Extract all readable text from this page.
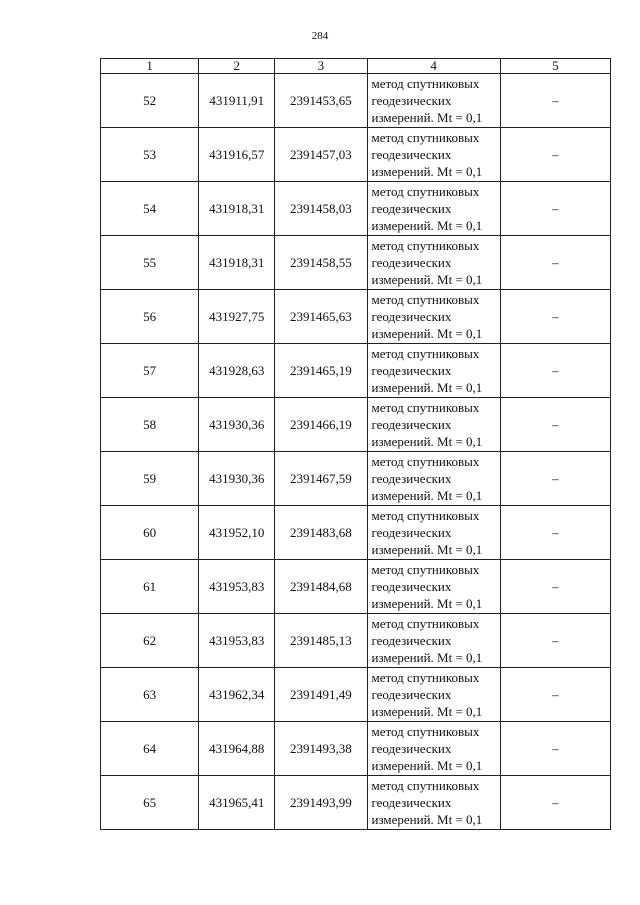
284
1	2	3	4	5
52	431911,91	2391453,65	метод спутниковых
геодезических
измерений. Mt = 0,1	–
53	431916,57	2391457,03	метод спутниковых
геодезических
измерений. Mt = 0,1	–
54	431918,31	2391458,03	метод спутниковых
геодезических
измерений. Mt = 0,1	–
55	431918,31	2391458,55	метод спутниковых
геодезических
измерений. Mt = 0,1	–
56	431927,75	2391465,63	метод спутниковых
геодезических
измерений. Mt = 0,1	–
57	431928,63	2391465,19	метод спутниковых
геодезических
измерений. Mt = 0,1	–
58	431930,36	2391466,19	метод спутниковых
геодезических
измерений. Mt = 0,1	–
59	431930,36	2391467,59	метод спутниковых
геодезических
измерений. Mt = 0,1	–
60	431952,10	2391483,68	метод спутниковых
геодезических
измерений. Mt = 0,1	–
61	431953,83	2391484,68	метод спутниковых
геодезических
измерений. Mt = 0,1	–
62	431953,83	2391485,13	метод спутниковых
геодезических
измерений. Mt = 0,1	–
63	431962,34	2391491,49	метод спутниковых
геодезических
измерений. Mt = 0,1	–
64	431964,88	2391493,38	метод спутниковых
геодезических
измерений. Mt = 0,1	–
65	431965,41	2391493,99	метод спутниковых
геодезических
измерений. Mt = 0,1	–
